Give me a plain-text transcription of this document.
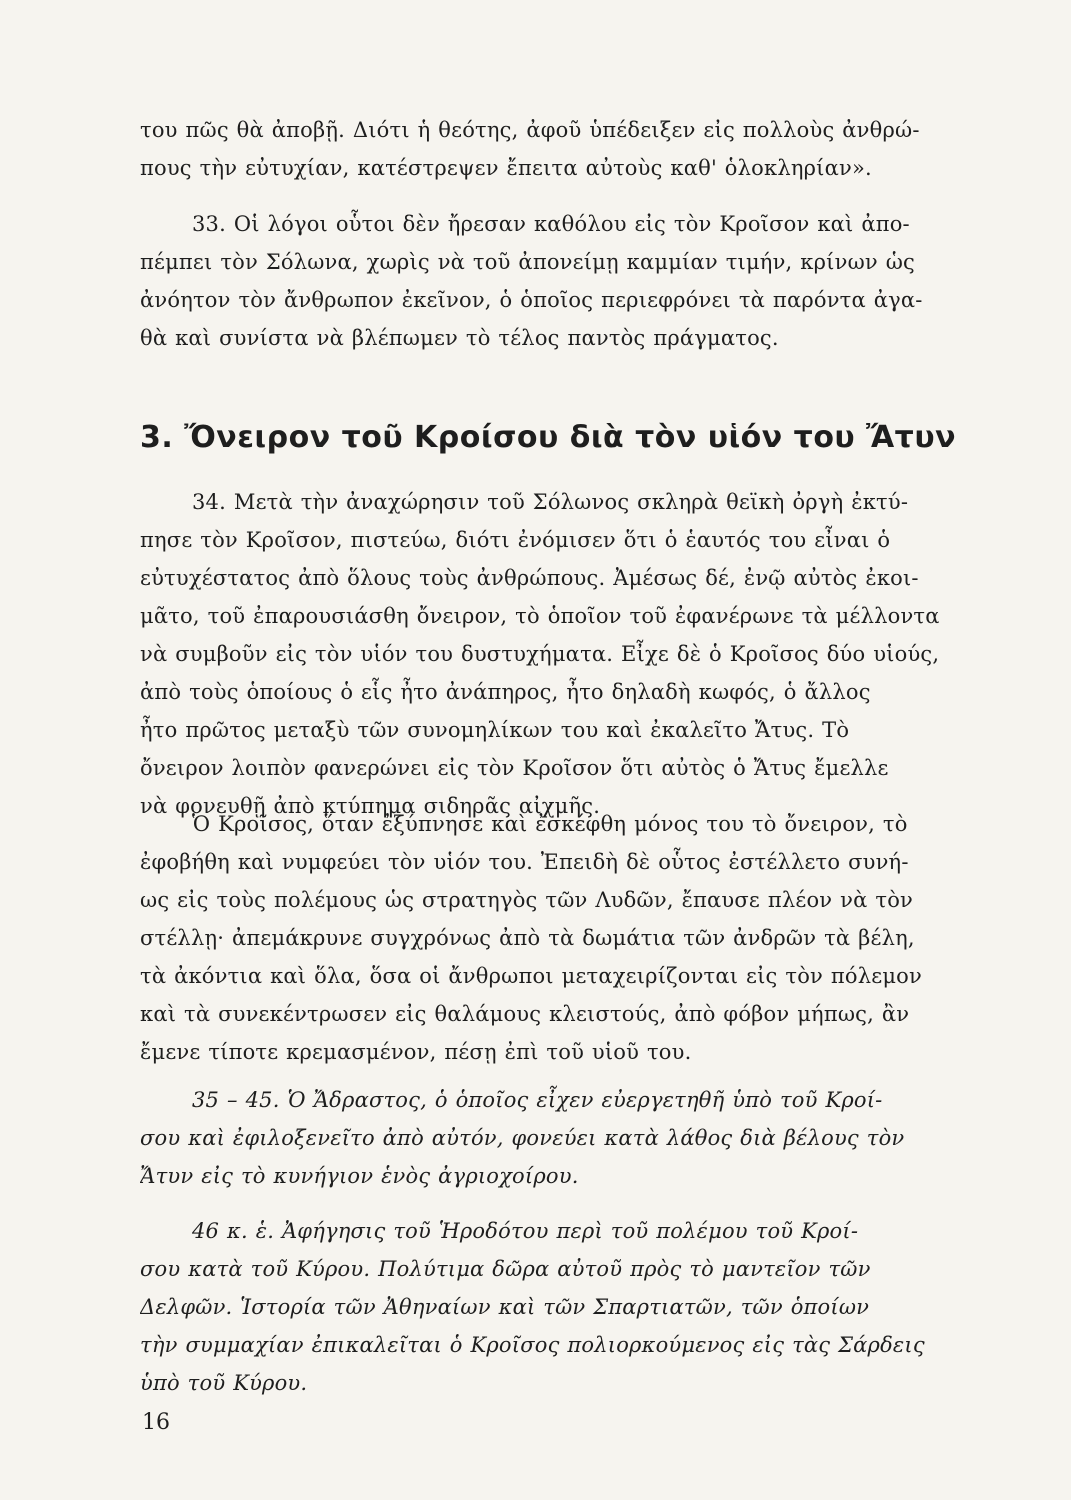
του πῶς θὰ ἀποβῇ. Διότι ἡ θεότης, ἀφοῦ ὑπέδειξεν εἰς πολλοὺς ἀνθρώ-
πους τὴν εὐτυχίαν, κατέστρεψεν ἔπειτα αὐτοὺς καθ' ὁλοκληρίαν».
33. Οἱ λόγοι οὗτοι δὲν ἤρεσαν καθόλου εἰς τὸν Κροῖσον καὶ ἀπο-
πέμπει τὸν Σόλωνα, χωρὶς νὰ τοῦ ἀπονείμῃ καμμίαν τιμήν, κρίνων ὡς
ἀνόητον τὸν ἄνθρωπον ἐκεῖνον, ὁ ὁποῖος περιεφρόνει τὰ παρόντα ἀγα-
θὰ καὶ συνίστα νὰ βλέπωμεν τὸ τέλος παντὸς πράγματος.
3. Ὄνειρον τοῦ Κροίσου διὰ τὸν υἱόν του Ἄτυν
34. Μετὰ τὴν ἀναχώρησιν τοῦ Σόλωνος σκληρὰ θεϊκὴ ὀργὴ ἐκτύ-
πησε τὸν Κροῖσον, πιστεύω, διότι ἐνόμισεν ὅτι ὁ ἑαυτός του εἶναι ὁ
εὐτυχέστατος ἀπὸ ὅλους τοὺς ἀνθρώπους. Ἀμέσως δέ, ἐνῷ αὐτὸς ἐκοι-
μᾶτο, τοῦ ἐπαρουσιάσθη ὄνειρον, τὸ ὁποῖον τοῦ ἐφανέρωνε τὰ μέλλοντα
νὰ συμβοῦν εἰς τὸν υἱόν του δυστυχήματα. Εἶχε δὲ ὁ Κροῖσος δύο υἱούς,
ἀπὸ τοὺς ὁποίους ὁ εἷς ἦτο ἀνάπηρος, ἦτο δηλαδὴ κωφός, ὁ ἄλλος
ἦτο πρῶτος μεταξὺ τῶν συνομηλίκων του καὶ ἐκαλεῖτο Ἄτυς. Τὸ
ὄνειρον λοιπὸν φανερώνει εἰς τὸν Κροῖσον ὅτι αὐτὸς ὁ Ἄτυς ἔμελλε
νὰ φονευθῇ ἀπὸ κτύπημα σιδηρᾶς αἰχμῆς.
Ὁ Κροῖσος, ὅταν ἐξύπνησε καὶ ἐσκέφθη μόνος του τὸ ὄνειρον, τὸ
ἐφοβήθη καὶ νυμφεύει τὸν υἱόν του. Ἐπειδὴ δὲ οὗτος ἐστέλλετο συνή-
ως εἰς τοὺς πολέμους ὡς στρατηγὸς τῶν Λυδῶν, ἔπαυσε πλέον νὰ τὸν
στέλλῃ· ἀπεμάκρυνε συγχρόνως ἀπὸ τὰ δωμάτια τῶν ἀνδρῶν τὰ βέλη,
τὰ ἀκόντια καὶ ὅλα, ὅσα οἱ ἄνθρωποι μεταχειρίζονται εἰς τὸν πόλεμον
καὶ τὰ συνεκέντρωσεν εἰς θαλάμους κλειστούς, ἀπὸ φόβον μήπως, ἂν
ἔμενε τίποτε κρεμασμένον, πέσῃ ἐπὶ τοῦ υἱοῦ του.
35 – 45. Ὁ Ἄδραστος, ὁ ὁποῖος εἶχεν εὐεργετηθῆ ὑπὸ τοῦ Κροί-
σου καὶ ἐφιλοξενεῖτο ἀπὸ αὐτόν, φονεύει κατὰ λάθος διὰ βέλους τὸν
Ἄτυν εἰς τὸ κυνήγιον ἑνὸς ἀγριοχοίρου.
46 κ. ἑ. Ἀφήγησις τοῦ Ἡροδότου περὶ τοῦ πολέμου τοῦ Κροί-
σου κατὰ τοῦ Κύρου. Πολύτιμα δῶρα αὐτοῦ πρὸς τὸ μαντεῖον τῶν
Δελφῶν. Ἱστορία τῶν Ἀθηναίων καὶ τῶν Σπαρτιατῶν, τῶν ὁποίων
τὴν συμμαχίαν ἐπικαλεῖται ὁ Κροῖσος πολιορκούμενος εἰς τὰς Σάρδεις
ὑπὸ τοῦ Κύρου.
16
